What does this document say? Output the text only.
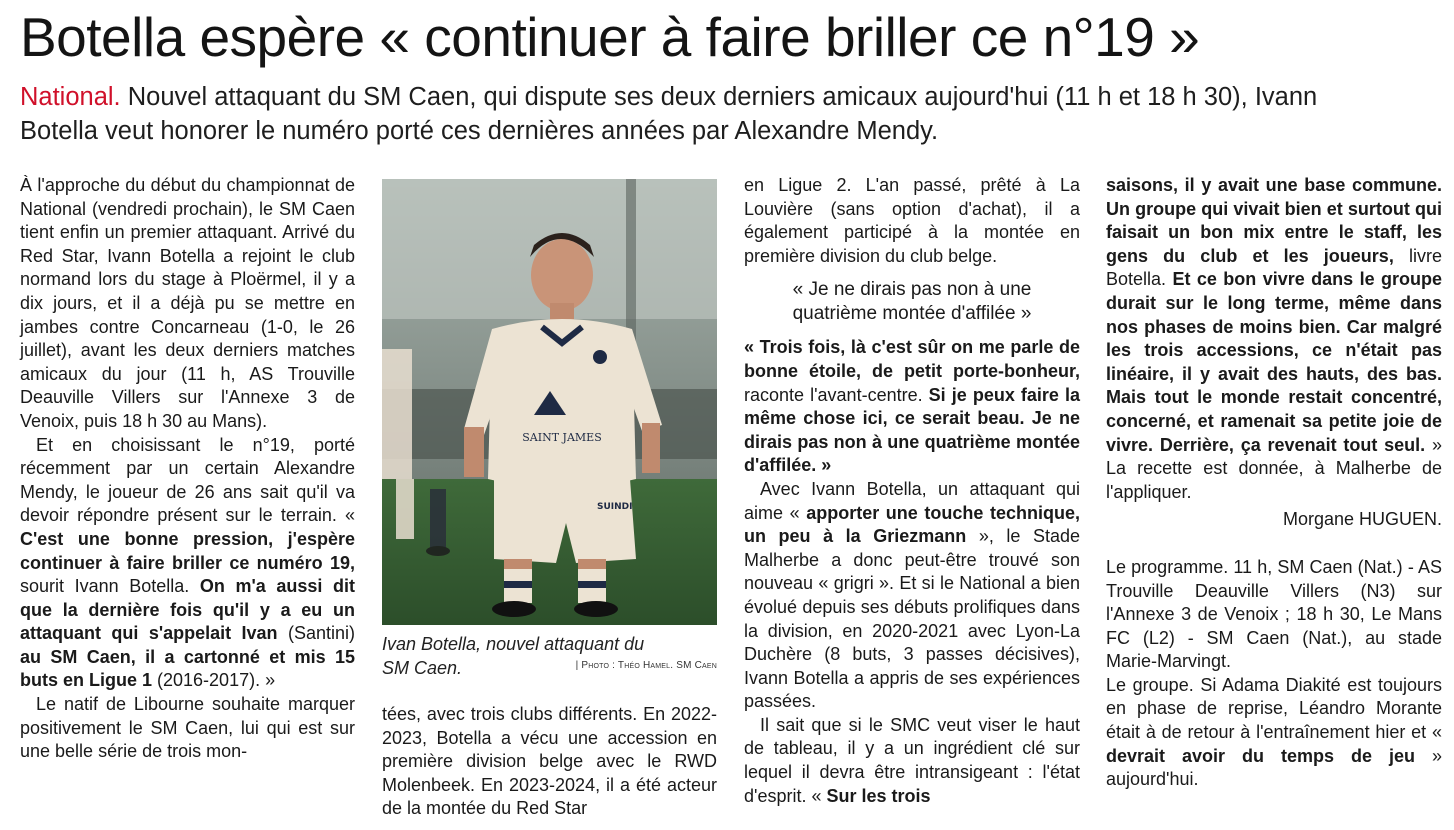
Botella espère « continuer à faire briller ce n°19 »

National. Nouvel attaquant du SM Caen, qui dispute ses deux derniers amicaux aujourd'hui (11 h et 18 h 30), Ivann Botella veut honorer le numéro porté ces dernières années par Alexandre Mendy.

À l'approche du début du championnat de National (vendredi prochain), le SM Caen tient enfin un premier attaquant. Arrivé du Red Star, Ivann Botella a rejoint le club normand lors du stage à Ploërmel, il y a dix jours, et il a déjà pu se mettre en jambes contre Concarneau (1-0, le 26 juillet), avant les deux derniers matches amicaux du jour (11 h, AS Trouville Deauville Villers sur l'Annexe 3 de Venoix, puis 18 h 30 au Mans).

Et en choisissant le n°19, porté récemment par un certain Alexandre Mendy, le joueur de 26 ans sait qu'il va devoir répondre présent sur le terrain. « C'est une bonne pression, j'espère continuer à faire briller ce numéro 19, sourit Ivann Botella. On m'a aussi dit que la dernière fois qu'il y a eu un attaquant qui s'appelait Ivan (Santini) au SM Caen, il a cartonné et mis 15 buts en Ligue 1 (2016-2017). »

Le natif de Libourne souhaite marquer positivement le SM Caen, lui qui est sur une belle série de trois mon-

SAINT JAMES
SUINDI
Ivan Botella, nouvel attaquant du SM Caen.	| Photo : Théo Hamel. SM Caen

tées, avec trois clubs différents. En 2022-2023, Botella a vécu une accession en première division belge avec le RWD Molenbeek. En 2023-2024, il a été acteur de la montée du Red Star

en Ligue 2. L'an passé, prêté à La Louvière (sans option d'achat), il a également participé à la montée en première division du club belge.

« Je ne dirais pas non à une quatrième montée d'affilée »

« Trois fois, là c'est sûr on me parle de bonne étoile, de petit porte-bonheur, raconte l'avant-centre. Si je peux faire la même chose ici, ce serait beau. Je ne dirais pas non à une quatrième montée d'affilée. »

Avec Ivann Botella, un attaquant qui aime « apporter une touche technique, un peu à la Griezmann », le Stade Malherbe a donc peut-être trouvé son nouveau « grigri ». Et si le National a bien évolué depuis ses débuts prolifiques dans la division, en 2020-2021 avec Lyon-La Duchère (8 buts, 3 passes décisives), Ivann Botella a appris de ses expériences passées.

Il sait que si le SMC veut viser le haut de tableau, il y a un ingrédient clé sur lequel il devra être intransigeant : l'état d'esprit. « Sur les trois

saisons, il y avait une base commune. Un groupe qui vivait bien et surtout qui faisait un bon mix entre le staff, les gens du club et les joueurs, livre Botella. Et ce bon vivre dans le groupe durait sur le long terme, même dans nos phases de moins bien. Car malgré les trois accessions, ce n'était pas linéaire, il y avait des hauts, des bas. Mais tout le monde restait concentré, concerné, et ramenait sa petite joie de vivre. Derrière, ça revenait tout seul. » La recette est donnée, à Malherbe de l'appliquer.

Morgane HUGUEN.

Le programme. 11 h, SM Caen (Nat.) - AS Trouville Deauville Villers (N3) sur l'Annexe 3 de Venoix ; 18 h 30, Le Mans FC (L2) - SM Caen (Nat.), au stade Marie-Marvingt.

Le groupe. Si Adama Diakité est toujours en phase de reprise, Léandro Morante était à de retour à l'entraînement hier et « devrait avoir du temps de jeu » aujourd'hui.
